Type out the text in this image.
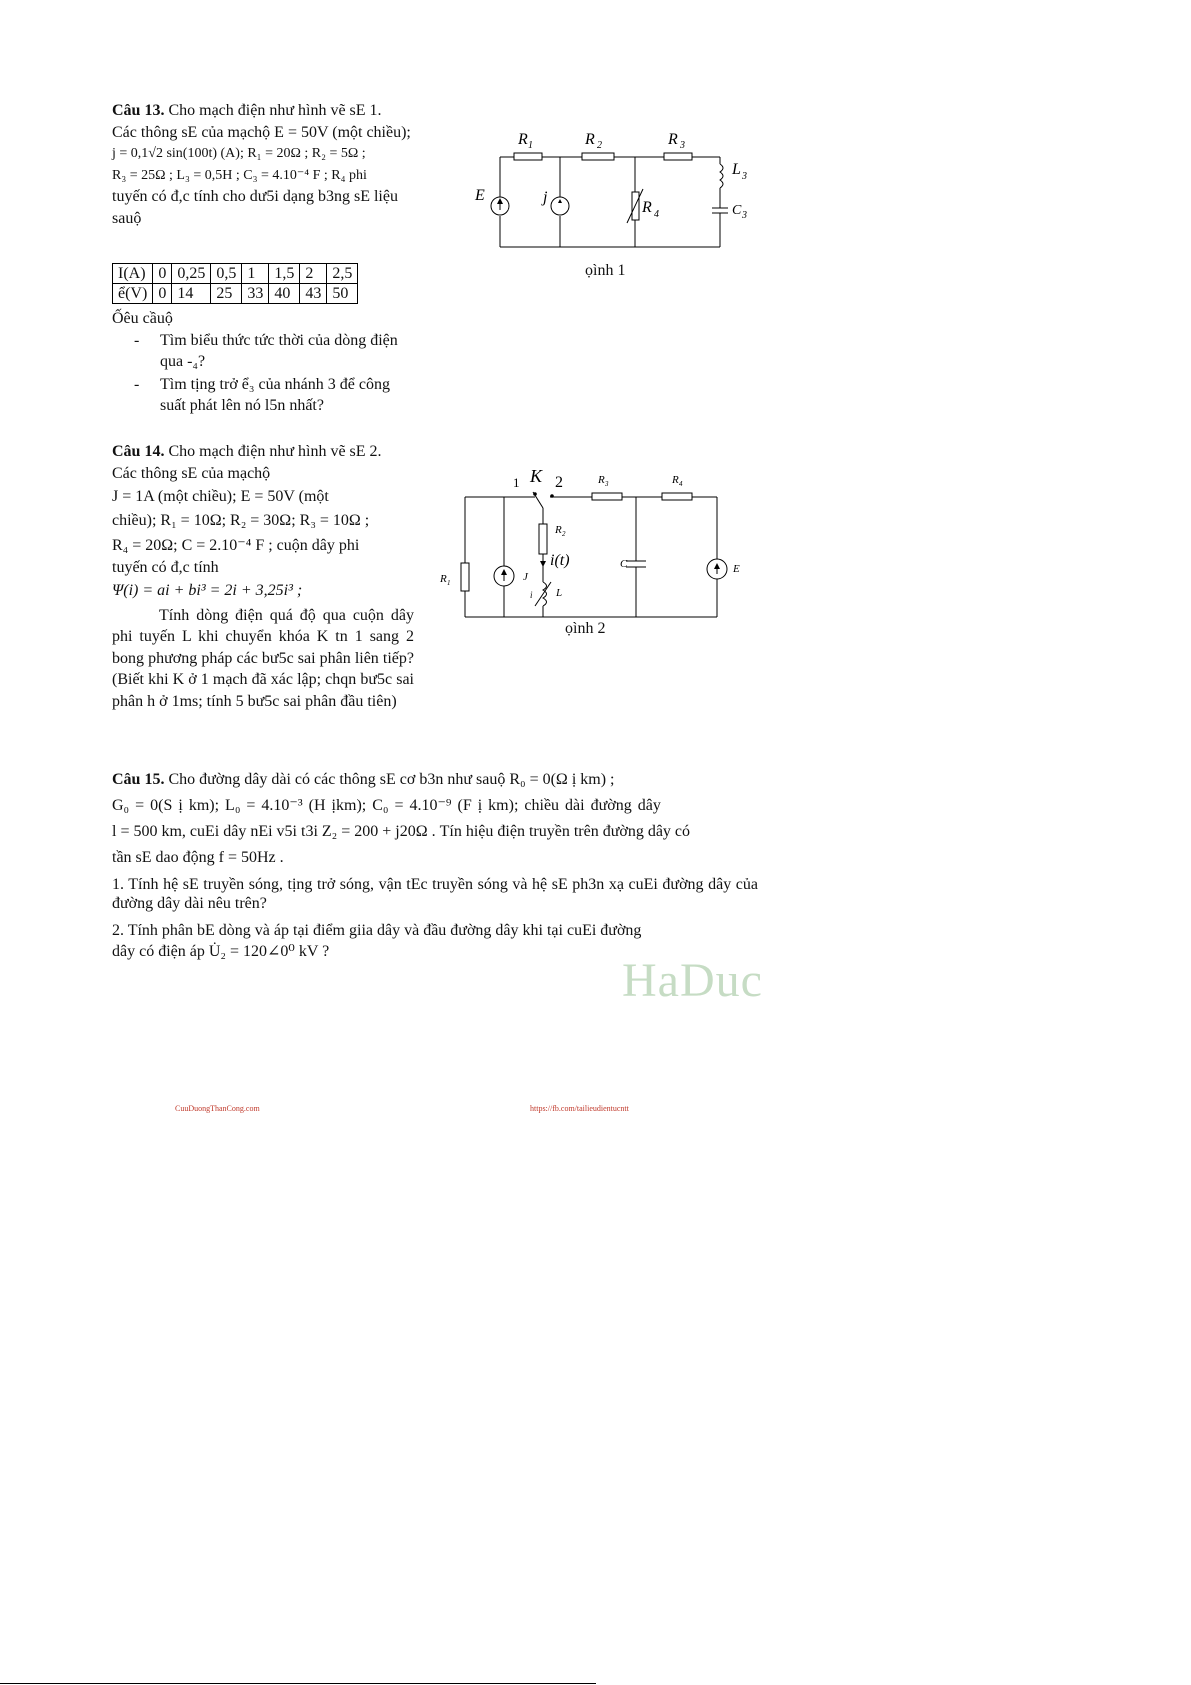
Câu 13. Cho mạch điện như hình vẽ sE 1.
Các thông sE của mạchộ E = 50V (một chiều);
j = 0,1√2 sin(100t) (A); R₁ = 20Ω ; R₂ = 5Ω ;
R₃ = 25Ω ; L₃ = 0,5H ; C₃ = 4.10⁻⁴ F ; R₄ phi
tuyến có đ,c tính cho dư5i dạng b3ng sE liệu
sauộ
I(A)	0	0,25	0,5	1	1,5	2	2,5
ể(V)	0	14	25	33	40	43	50
Ốêu cầuộ
- Tìm biểu thức tức thời của dòng điện
qua -₄?
- Tìm tịng trở ể₃ của nhánh 3 để công
suất phát lên nó l5n nhất?
R 1	R 2	R 3
R 4
L 3
C 3
E	j
ọình 1
Câu 14. Cho mạch điện như hình vẽ sE 2.
Các thông sE của mạchộ
J = 1A (một chiều); E = 50V (một
chiều); R₁ = 10Ω; R₂ = 30Ω; R₃ = 10Ω ;
R₄ = 20Ω; C = 2.10⁻⁴ F ; cuộn dây phi
tuyến có đ,c tính
Ψ(i) = ai + bi³ = 2i + 3,25i³ ;
Tính dòng điện quá độ qua cuộn dây phi tuyến L khi chuyển khóa K tn 1 sang 2 bong phương pháp các bư5c sai phân liên tiếp? (Biết khi K ở 1 mạch đã xác lập; chqn bư5c sai phân h ở 1ms; tính 5 bư5c sai phân đầu tiên)
1 K 2	R 3	R 4
R 2
i(t)	C	E
R 1	J
L
i
ọình 2
Câu 15. Cho đường dây dài có các thông sE cơ b3n như sauộ R₀ = 0(Ω ị km) ;
G₀ = 0(S ị km); L₀ = 4.10⁻³ (H ịkm); C₀ = 4.10⁻⁹ (F ị km); chiều dài đường dây
l = 500 km, cuEi dây nEi v5i t3i Z₂ = 200 + j20Ω . Tín hiệu điện truyền trên đường dây có
tần sE dao động f = 50Hz .
1. Tính hệ sE truyền sóng, tịng trở sóng, vận tEc truyền sóng và hệ sE ph3n xạ cuEi đường dây của đường dây dài nêu trên?
2. Tính phân bE dòng và áp tại điểm giia dây và đầu đường dây khi tại cuEi đường
dây có điện áp U̇₂ = 120∠0⁰ kV ?
HaDuc
CuuDuongThanCong.com	https://fb.com/tailieudientucntt
